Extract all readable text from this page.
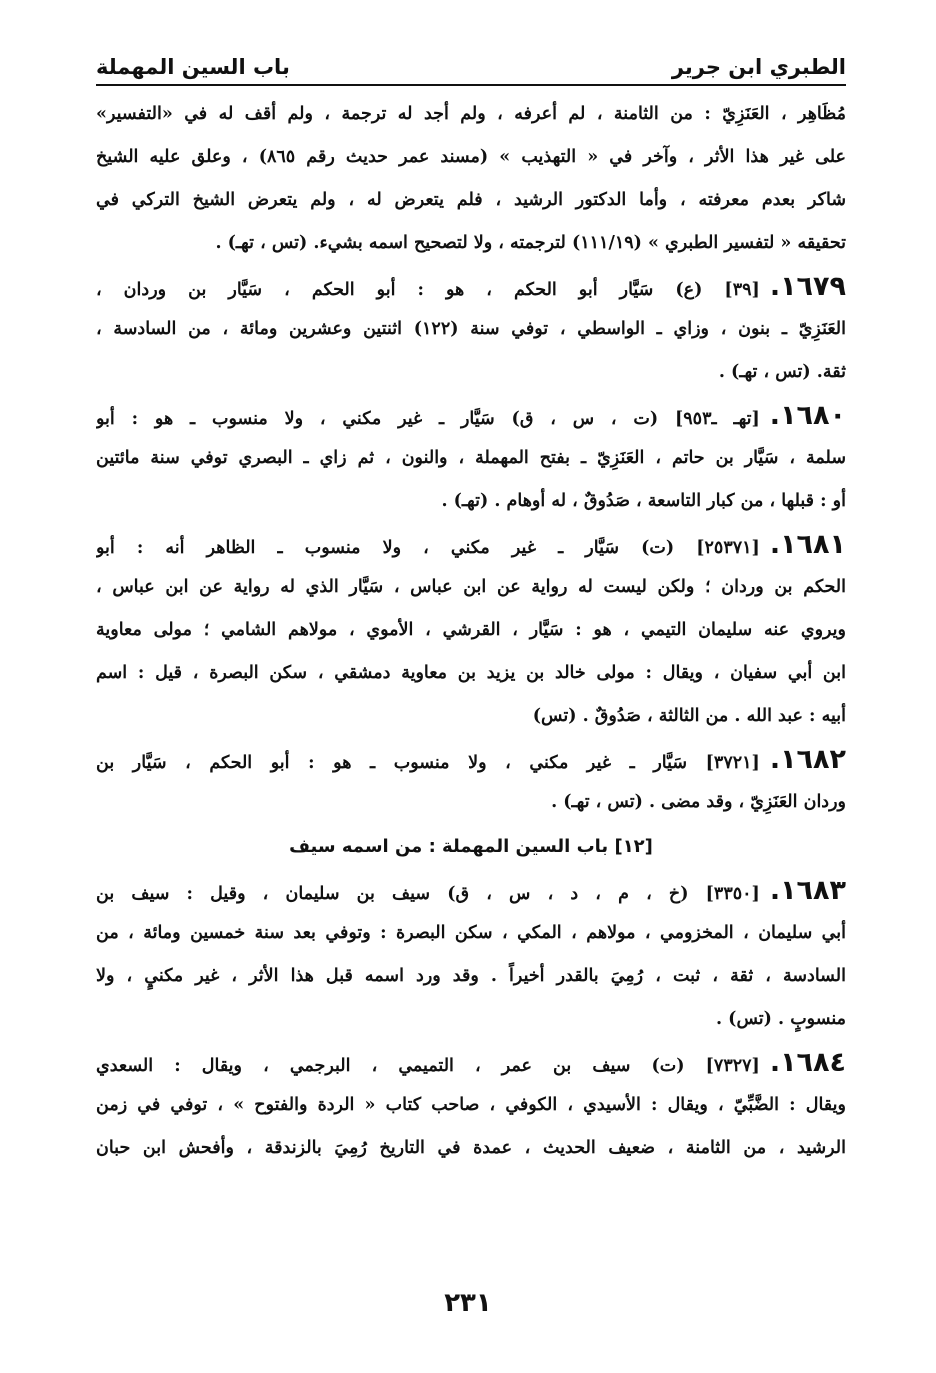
الطبري ابن جرير
باب السين المهملة
مُظَاهِر ، العَنَزِيّ : من الثامنة ، لم أعرفه ، ولم أجد له ترجمة ، ولم أقف له في «التفسير»
على غير هذا الأثر ، وآخر في « التهذيب » (مسند عمر حديث رقم ٨٦٥) ، وعلق عليه الشيخ
شاكر بعدم معرفته ، وأما الدكتور الرشيد ، فلم يتعرض له ، ولم يتعرض الشيخ التركي في
تحقيقه « لتفسير الطبري » (١١١/١٩) لترجمته ، ولا لتصحيح اسمه بشيء. (تس ، تهـ) .
١٦٧٩.[٣٩] (ع) سَيَّار أبو الحكم ، هو : أبو الحكم ، سَيَّار بن وردان ،
العَنَزِيّ ـ بنون ، وزاي ـ الواسطي ، توفي سنة (١٢٢) اثنتين وعشرين ومائة ، من السادسة ،
ثقة. (تس ، تهـ) .
١٦٨٠.[تهـ ـ٩٥٣] (ت ، س ، ق) سَيَّار ـ غير مكني ، ولا منسوب ـ هو : أبو
سلمة ، سَيَّار بن حاتم ، العَنَزِيّ ـ بفتح المهملة ، والنون ، ثم زاي ـ البصري توفي سنة مائتين
أو : قبلها ، من كبار التاسعة ، صَدُوقٌ ، له أوهام . (تهـ) .
١٦٨١.[٢٥٣٧١] (ت) سَيَّار ـ غير مكني ، ولا منسوب ـ الظاهر أنه : أبو
الحكم بن وردان ؛ ولكن ليست له رواية عن ابن عباس ، سَيَّار الذي له رواية عن ابن عباس ،
ويروي عنه سليمان التيمي ، هو : سَيَّار ، القرشي ، الأموي ، مولاهم الشامي ؛ مولى معاوية
ابن أبي سفيان ، ويقال : مولى خالد بن يزيد بن معاوية دمشقي ، سكن البصرة ، قيل : اسم
أبيه : عبد الله . من الثالثة ، صَدُوقٌ . (تس)
١٦٨٢.[٣٧٢١] سَيَّار ـ غير مكني ، ولا منسوب ـ هو : أبو الحكم ، سَيَّار بن
وردان العَنَزِيّ ، وقد مضى . (تس ، تهـ) .
[١٢] باب السين المهملة : من اسمه سيف
١٦٨٣.[٣٣٥٠] (خ ، م ، د ، س ، ق) سيف بن سليمان ، وقيل : سيف بن
أبي سليمان ، المخزومي ، مولاهم ، المكي ، سكن البصرة : وتوفي بعد سنة خمسين ومائة ، من
السادسة ، ثقة ، ثبت ، رُمِيَ بالقدر أخيراً . وقد ورد اسمه قبل هذا الأثر ، غير مكنيٍ ، ولا
منسوبٍ . (تس) .
١٦٨٤.[٧٣٢٧] (ت) سيف بن عمر ، التميمي ، البرجمي ، ويقال : السعدي
ويقال : الضَّبِّيّ ، ويقال : الأسيدي ، الكوفي ، صاحب كتاب « الردة والفتوح » ، توفي في زمن
الرشيد ، من الثامنة ، ضعيف الحديث ، عمدة في التاريخ رُمِيَ بالزندقة ، وأفحش ابن حبان
٢٣١
